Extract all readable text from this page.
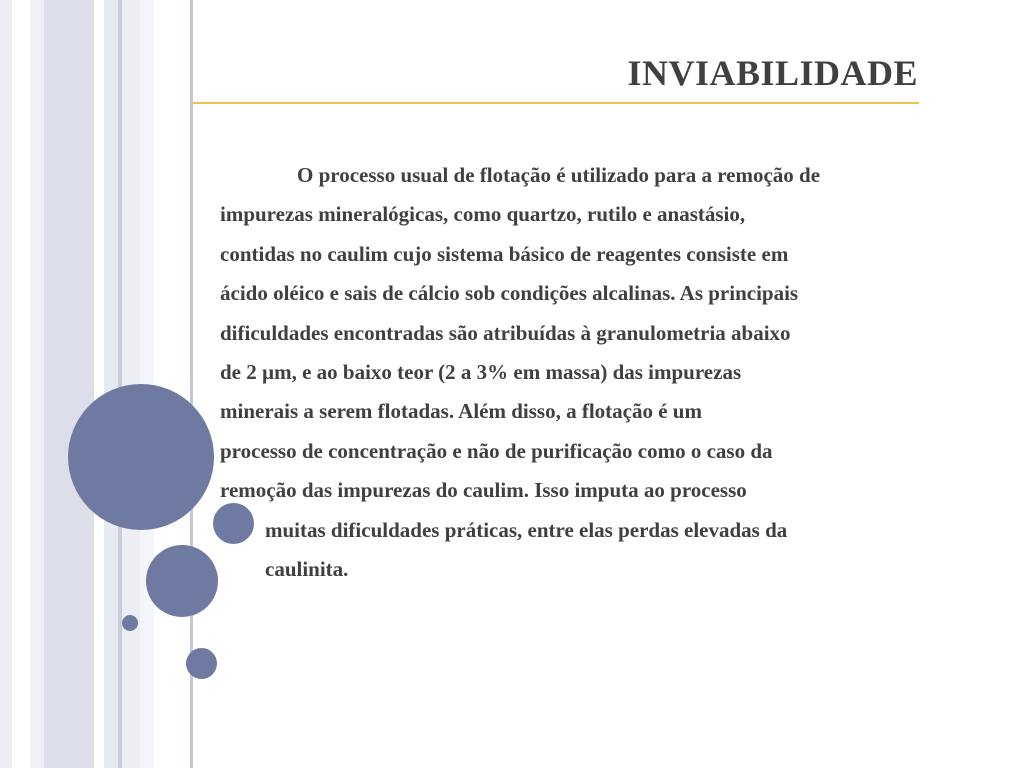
INVIABILIDADE

O processo usual de flotação é utilizado para a remoção de
impurezas mineralógicas, como quartzo, rutilo e anastásio,
contidas no caulim cujo sistema básico de reagentes consiste em
ácido oléico e sais de cálcio sob condições alcalinas. As principais
dificuldades encontradas são atribuídas à granulometria abaixo
de 2 µm, e ao baixo teor (2 a 3% em massa) das impurezas
minerais a serem flotadas. Além disso, a flotação é um
processo de concentração e não de purificação como o caso da
remoção das impurezas do caulim. Isso imputa ao processo
muitas dificuldades práticas, entre elas perdas elevadas da
caulinita.
